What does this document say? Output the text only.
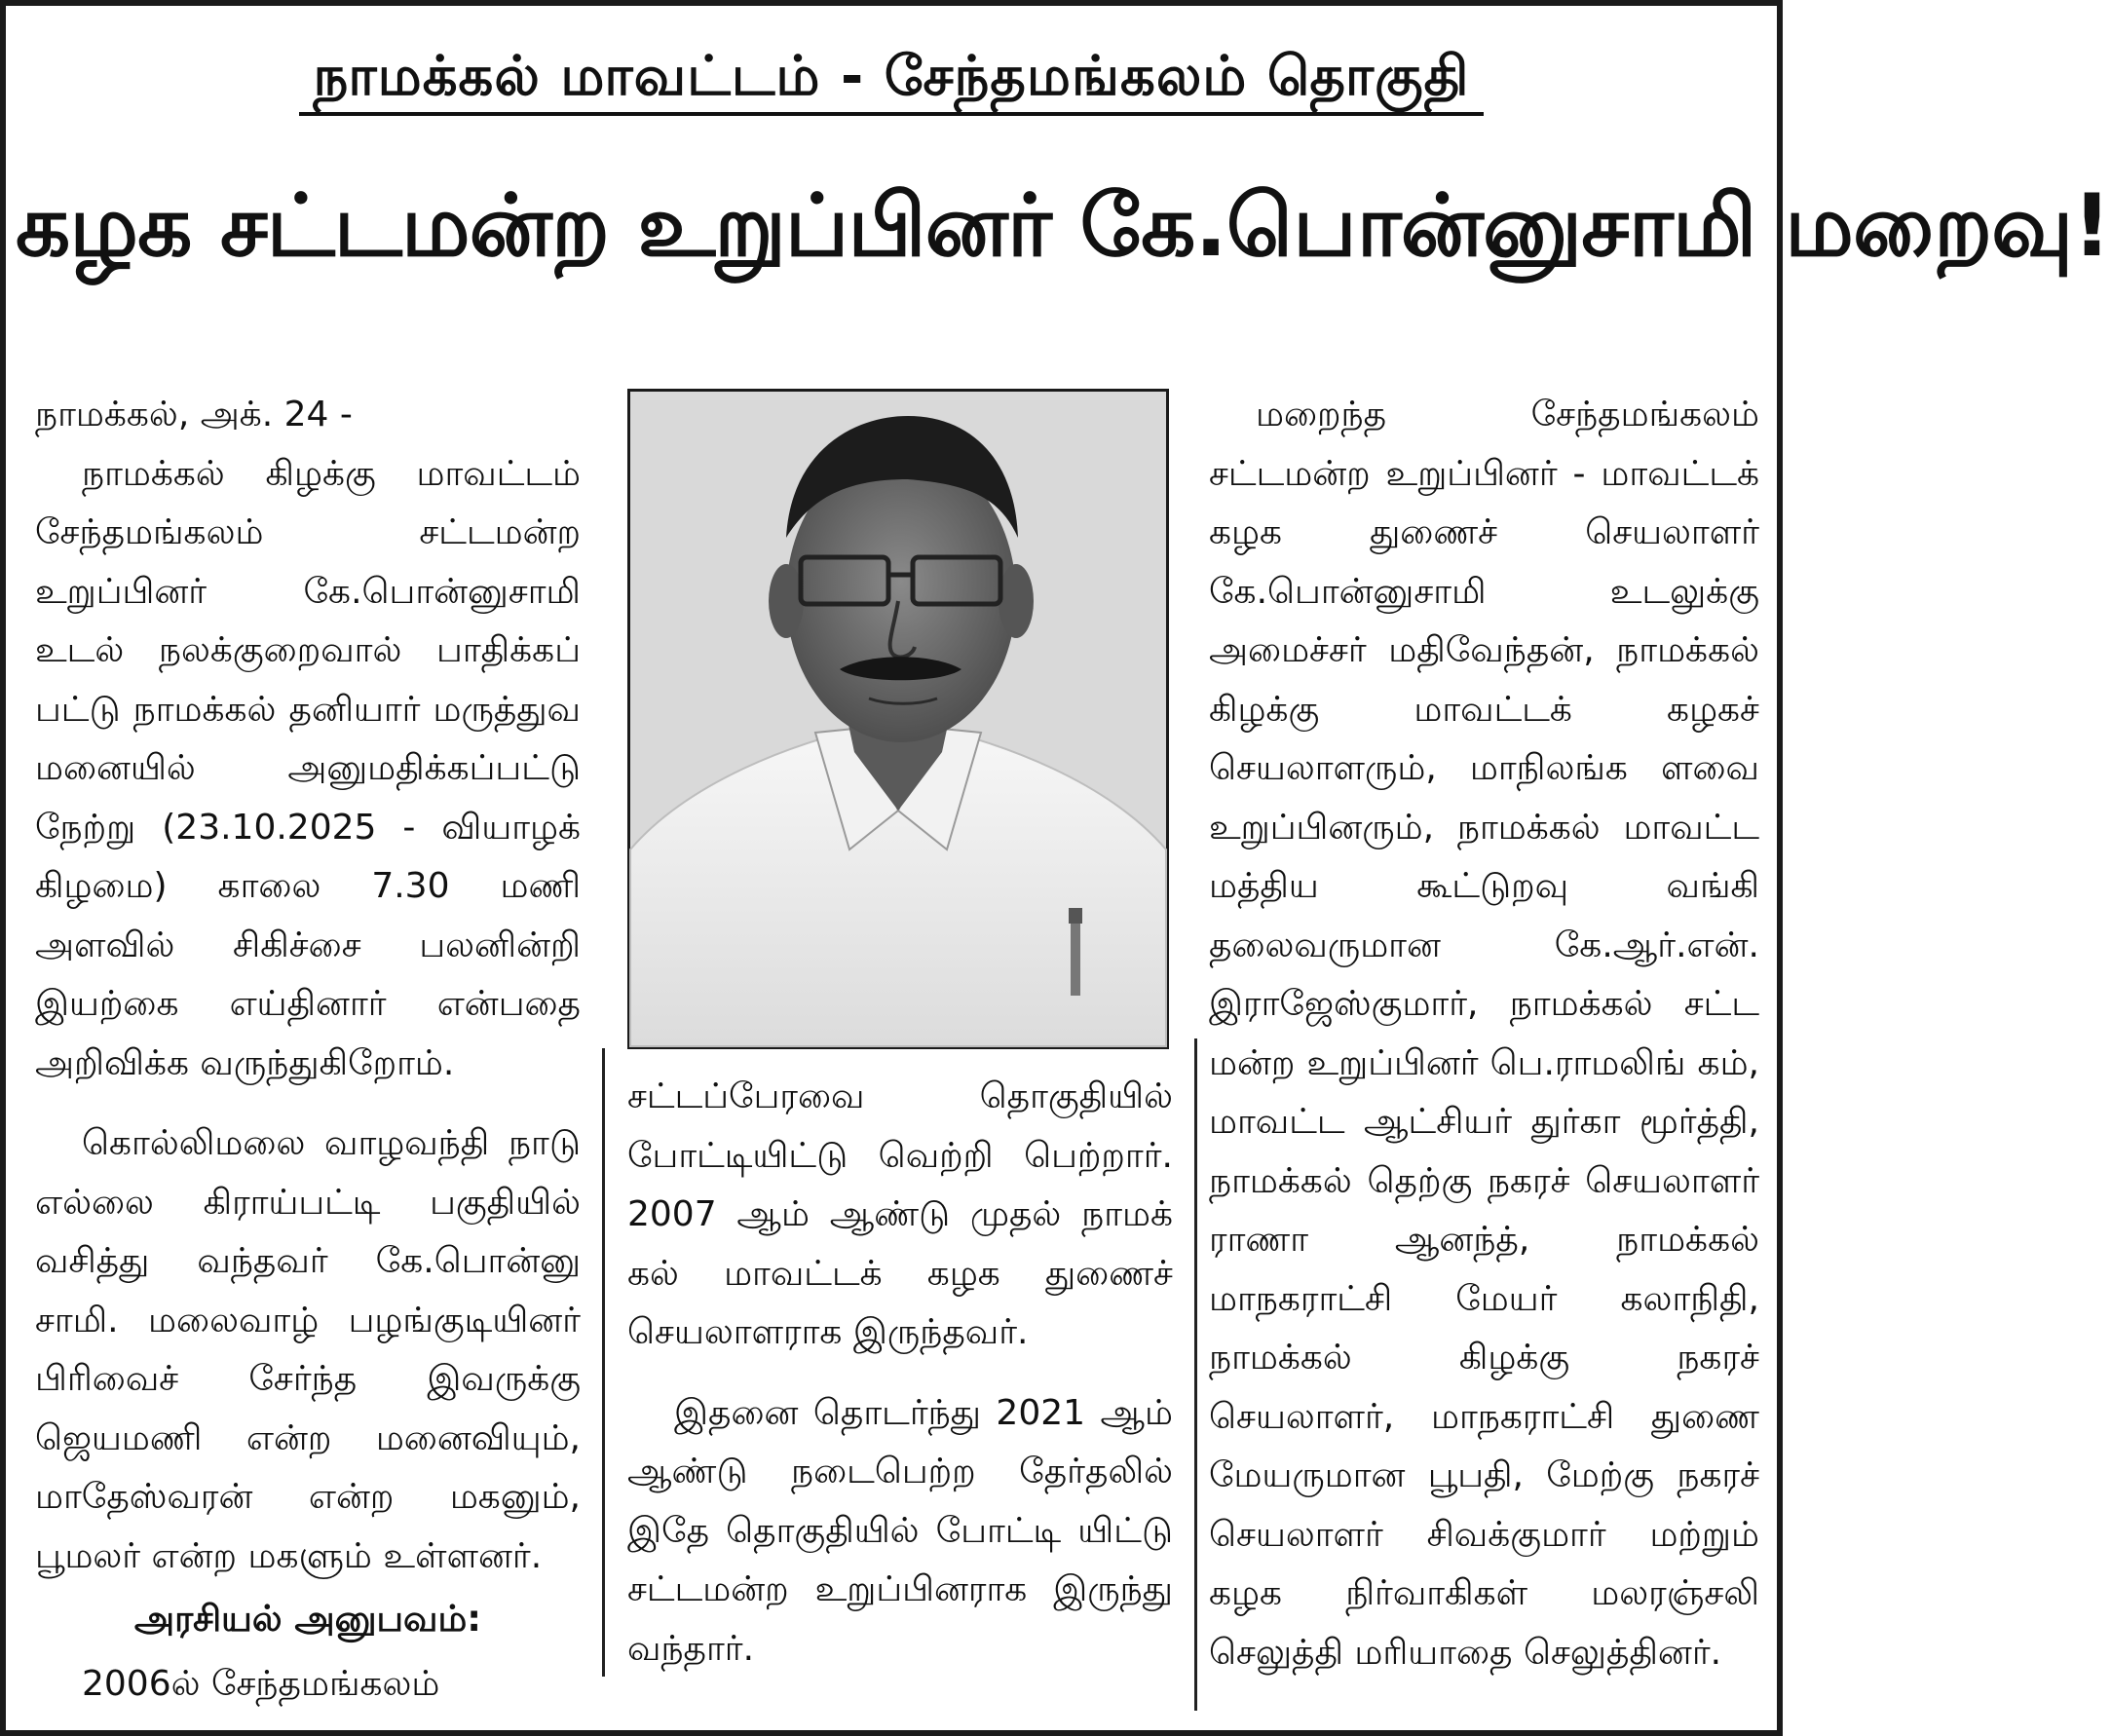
நாமக்கல் மாவட்டம் - சேந்தமங்கலம் தொகுதி
கழக சட்டமன்ற உறுப்பினர் கே.பொன்னுசாமி மறைவு!

நாமக்கல், அக். 24 -

நாமக்கல் கிழக்கு மாவட்டம் சேந்தமங்கலம் சட்டமன்ற உறுப்பினர் கே.பொன்னுசாமி உடல் நலக்குறைவால் பாதிக்கப் பட்டு நாமக்கல் தனியார் மருத்துவ மனையில் அனுமதிக்கப்பட்டு நேற்று (23.10.2025 - வியாழக் கிழமை) காலை 7.30 மணி அளவில் சிகிச்சை பலனின்றி இயற்கை எய்தினார் என்பதை அறிவிக்க வருந்துகிறோம்.

கொல்லிமலை வாழவந்தி நாடு எல்லை கிராய்பட்டி பகுதியில் வசித்து வந்தவர் கே.பொன்னு சாமி. மலைவாழ் பழங்குடியினர் பிரிவைச் சேர்ந்த இவருக்கு ஜெயமணி என்ற மனைவியும், மாதேஸ்வரன் என்ற மகனும், பூமலர் என்ற மகளும் உள்ளனர்.

அரசியல் அனுபவம்:

2006ல் சேந்தமங்கலம்

சட்டப்பேரவை தொகுதியில் போட்டியிட்டு வெற்றி பெற்றார். 2007 ஆம் ஆண்டு முதல் நாமக் கல் மாவட்டக் கழக துணைச் செயலாளராக இருந்தவர்.

இதனை தொடர்ந்து 2021 ஆம் ஆண்டு நடைபெற்ற தேர்தலில் இதே தொகுதியில் போட்டி யிட்டு சட்டமன்ற உறுப்பினராக இருந்து வந்தார்.

மறைந்த சேந்தமங்கலம் சட்டமன்ற உறுப்பினர் - மாவட்டக் கழக துணைச் செயலாளர் கே.பொன்னுசாமி உடலுக்கு அமைச்சர் மதிவேந்தன், நாமக்கல் கிழக்கு மாவட்டக் கழகச் செயலாளரும், மாநிலங்க ளவை உறுப்பினரும், நாமக்கல் மாவட்ட மத்திய கூட்டுறவு வங்கி தலைவருமான கே.ஆர்.என். இராஜேஸ்குமார், நாமக்கல் சட்ட மன்ற உறுப்பினர் பெ.ராமலிங் கம், மாவட்ட ஆட்சியர் துர்கா மூர்த்தி, நாமக்கல் தெற்கு நகரச் செயலாளர் ராணா ஆனந்த், நாமக்கல் மாநகராட்சி மேயர் கலாநிதி, நாமக்கல் கிழக்கு நகரச் செயலாளர், மாநகராட்சி துணை மேயருமான பூபதி, மேற்கு நகரச் செயலாளர் சிவக்குமார் மற்றும் கழக நிர்வாகிகள் மலரஞ்சலி செலுத்தி மரியாதை செலுத்தினர்.
